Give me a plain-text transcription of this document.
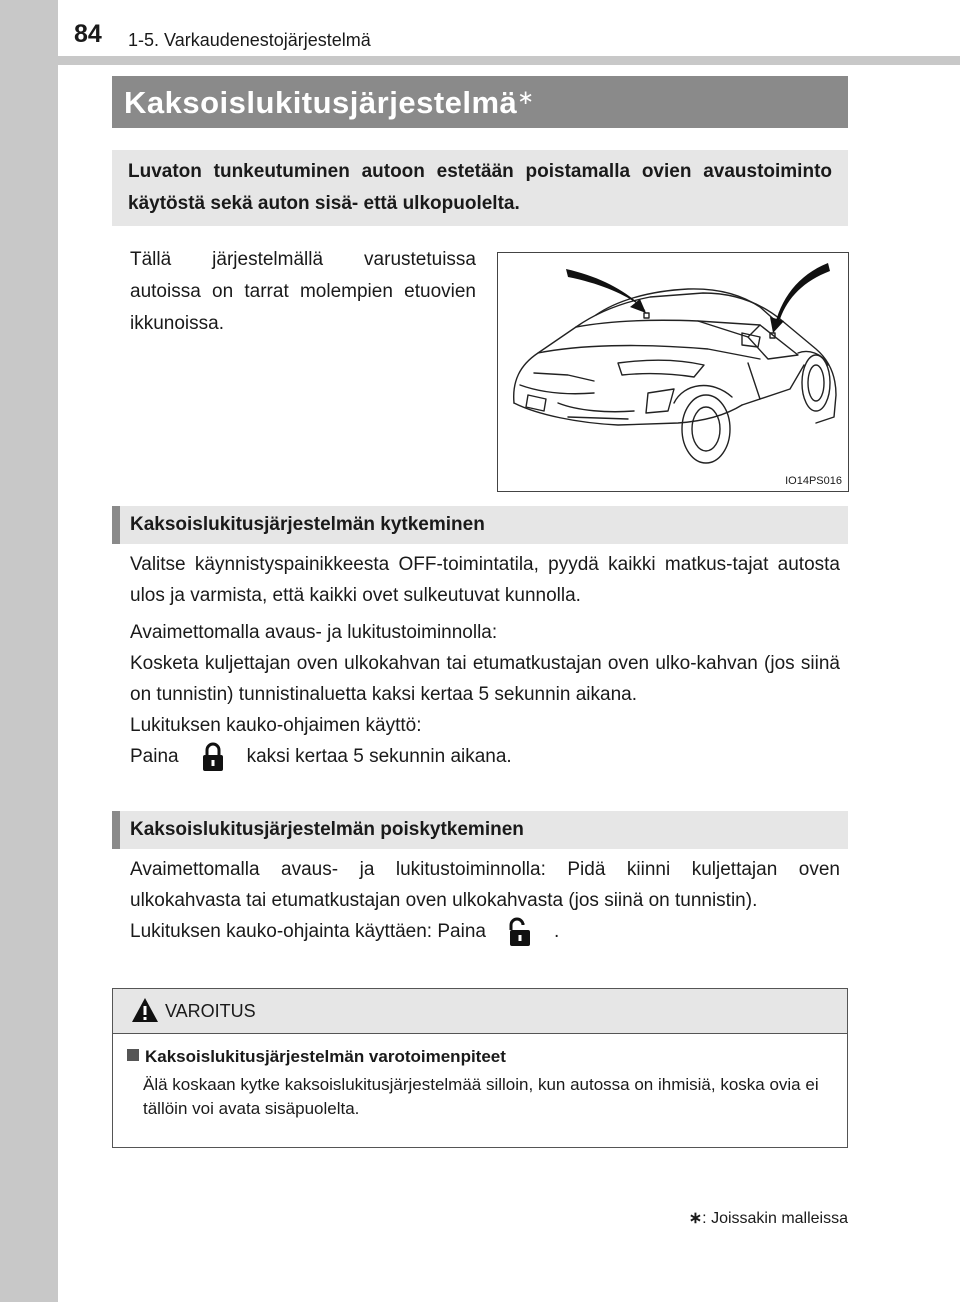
84 1-5. Varkaudenestojärjestelmä
Kaksoislukitusjärjestelmä∗
Luvaton tunkeutuminen autoon estetään poistamalla ovien avaustoiminto käytöstä sekä auton sisä- että ulkopuolelta.
Tällä järjestelmällä varustetuissa autoissa on tarrat molempien etuovien ikkunoissa.
IO14PS016
Kaksoislukitusjärjestelmän kytkeminen
Valitse käynnistyspainikkeesta OFF-toimintatila, pyydä kaikki matkus-tajat autosta ulos ja varmista, että kaikki ovet sulkeutuvat kunnolla.
Avaimettomalla avaus- ja lukitustoiminnolla:
Kosketa kuljettajan oven ulkokahvan tai etumatkustajan oven ulko-kahvan (jos siinä on tunnistin) tunnistinaluetta kaksi kertaa 5 sekunnin aikana.
Lukituksen kauko-ohjaimen käyttö:
Paina	kaksi kertaa 5 sekunnin aikana.
Kaksoislukitusjärjestelmän poiskytkeminen
Avaimettomalla avaus- ja lukitustoiminnolla: Pidä kiinni kuljettajan oven ulkokahvasta tai etumatkustajan oven ulkokahvasta (jos siinä on tunnistin).
Lukituksen kauko-ohjainta käyttäen: Paina	.
VAROITUS
Kaksoislukitusjärjestelmän varotoimenpiteet
Älä koskaan kytke kaksoislukitusjärjestelmää silloin, kun autossa on ihmisiä, koska ovia ei tällöin voi avata sisäpuolelta.
∗: Joissakin malleissa
